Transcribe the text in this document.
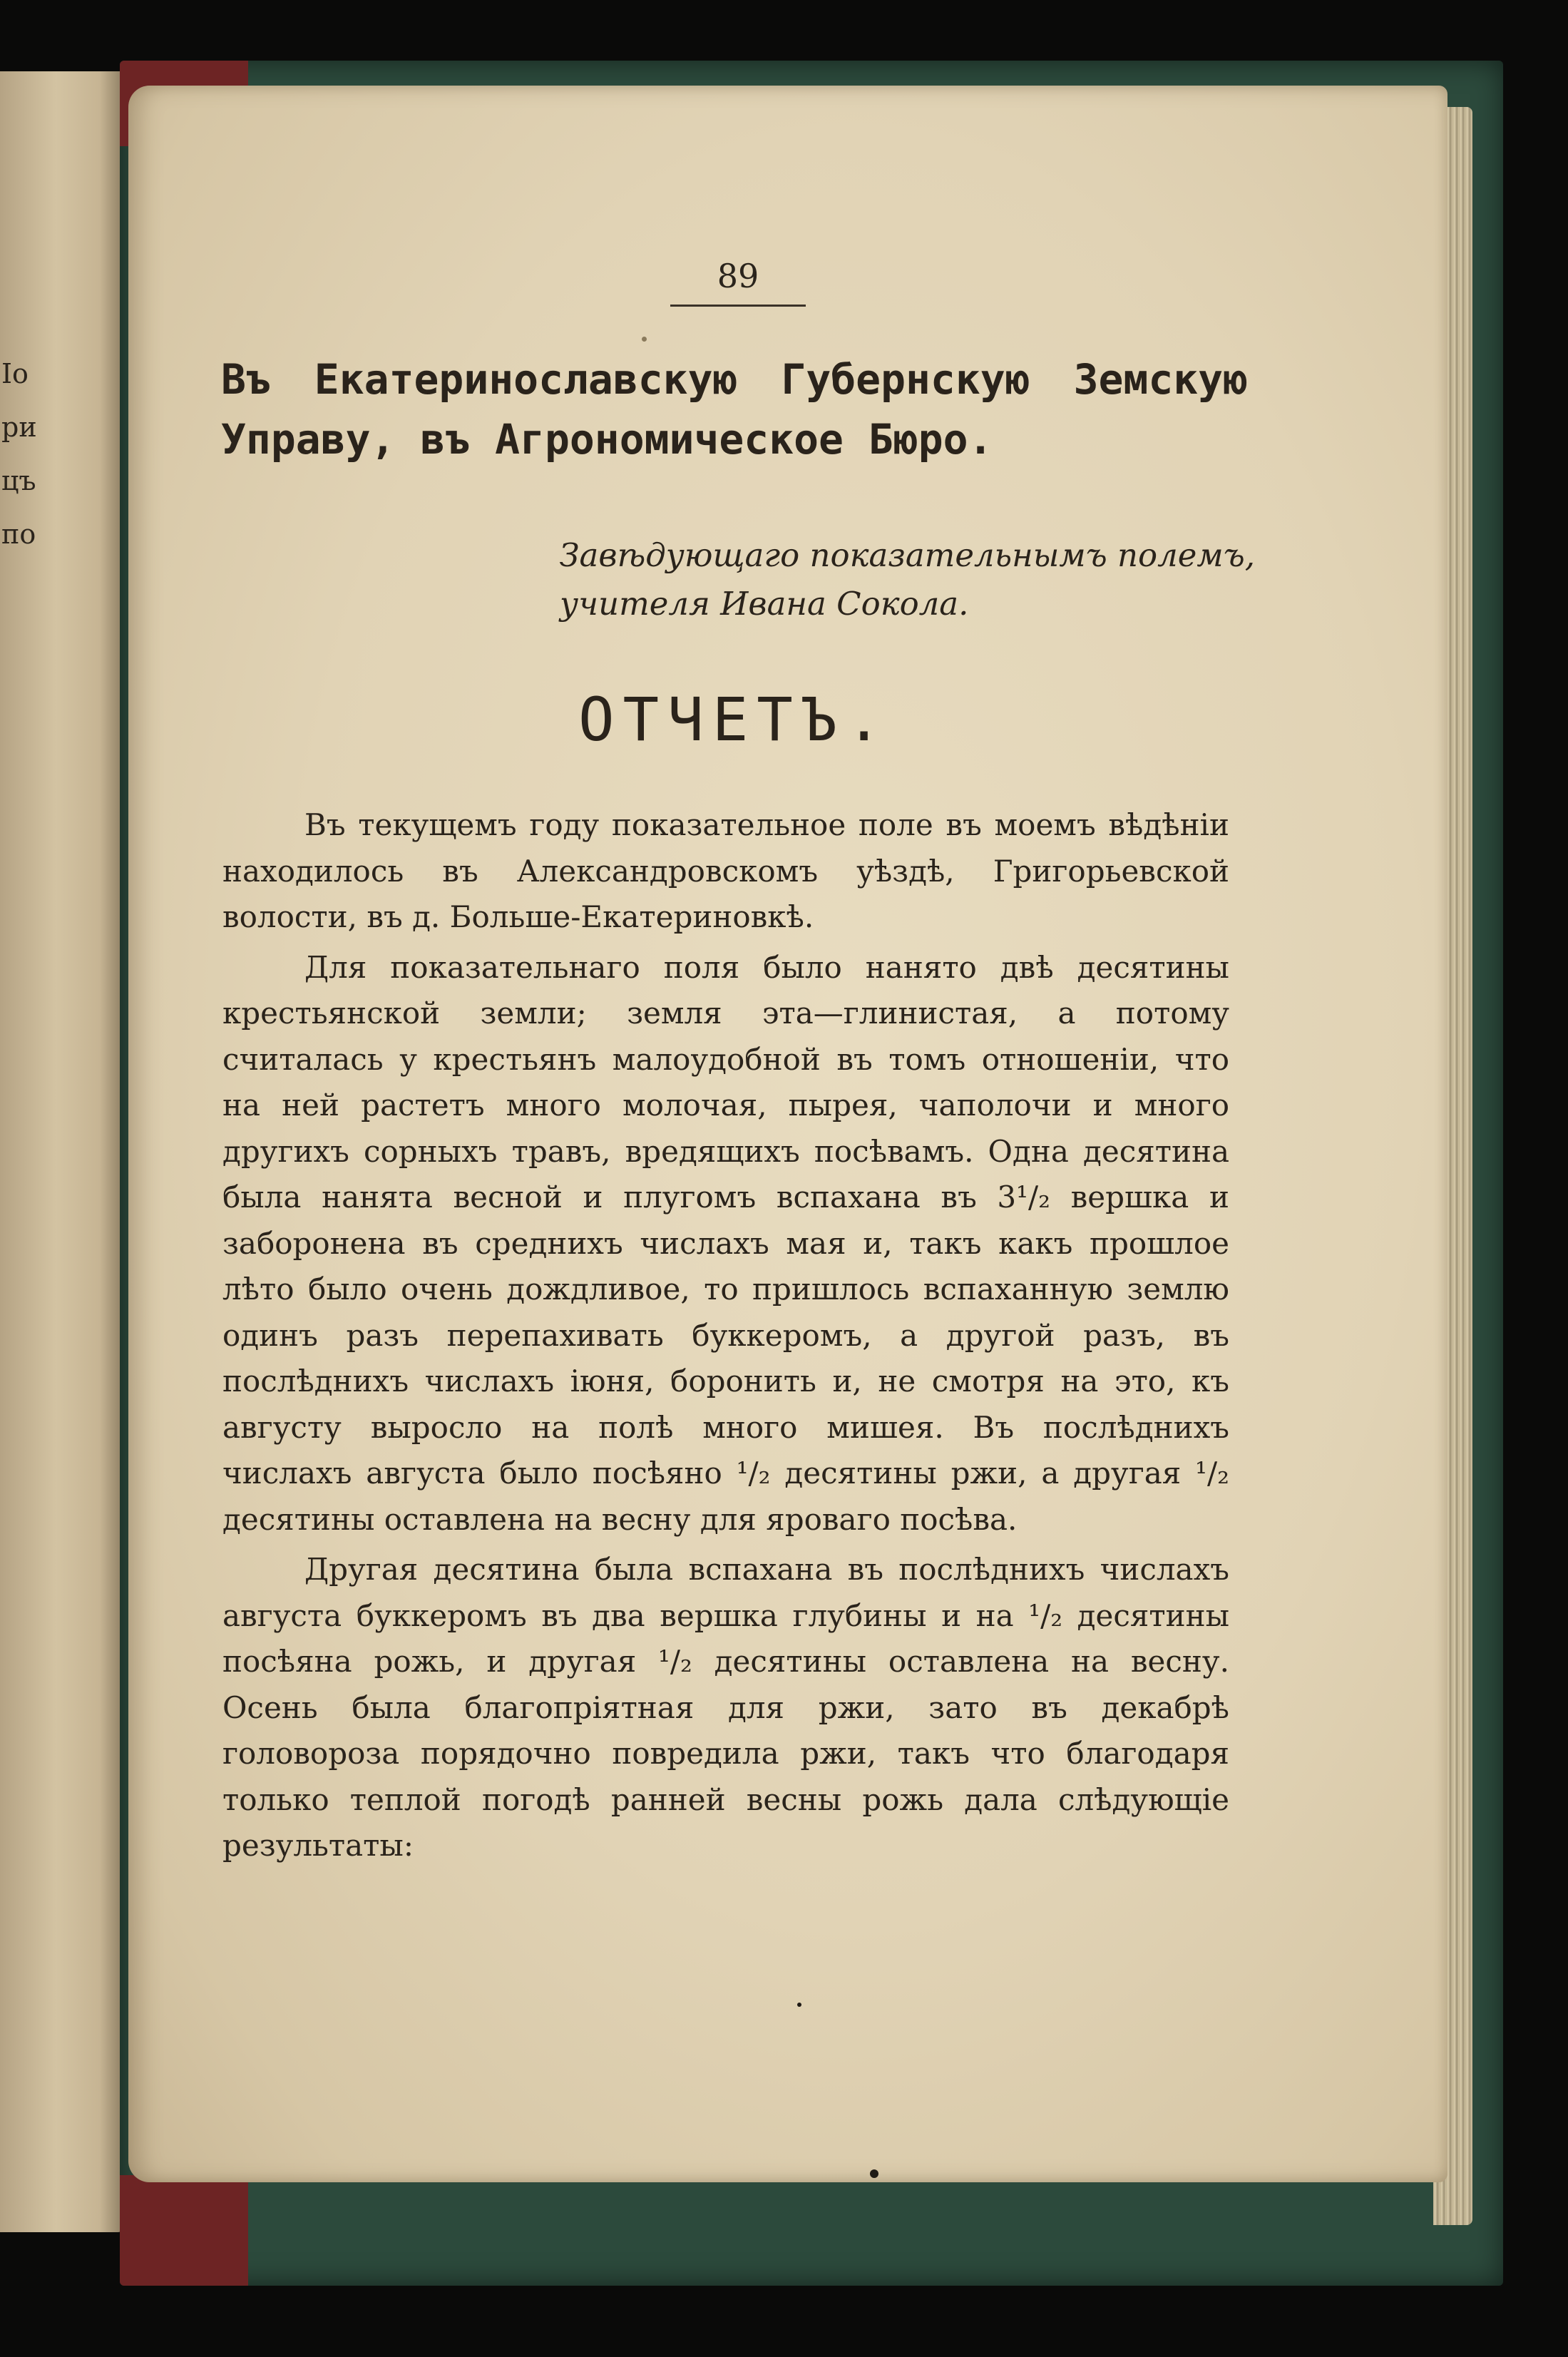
Io
ри
цъ
по
89
Въ Екатеринославскую Губернскую Земскую Управу, въ Агрономическое Бюро.
Завѣдующаго показательнымъ полемъ,
учителя Ивана Сокола.
ОТЧЕТЪ.

Въ текущемъ году показательное поле въ моемъ вѣдѣніи находилось въ Александровскомъ уѣздѣ, Григорьевской волости, въ д. Больше-Екатериновкѣ.

Для показательнаго поля было нанято двѣ десятины крестьянской земли; земля эта—глинистая, а потому считалась у крестьянъ малоудобной въ томъ отношеніи, что на ней растетъ много молочая, пырея, чаполочи и много другихъ сорныхъ травъ, вредящихъ посѣвамъ. Одна десятина была нанята весной и плугомъ вспахана въ 3¹/₂ вершка и заборонена въ среднихъ числахъ мая и, такъ какъ прошлое лѣто было очень дождливое, то пришлось вспаханную землю одинъ разъ перепахивать буккеромъ, а другой разъ, въ послѣднихъ числахъ іюня, боронить и, не смотря на это, къ августу выросло на полѣ много мишея. Въ послѣднихъ числахъ августа было посѣяно ¹/₂ десятины ржи, а другая ¹/₂ десятины оставлена на весну для яроваго посѣва.

Другая десятина была вспахана въ послѣднихъ числахъ августа буккеромъ въ два вершка глубины и на ¹/₂ десятины посѣяна рожь, и другая ¹/₂ десятины оставлена на весну. Осень была благопріятная для ржи, зато въ декабрѣ головороза порядочно повредила ржи, такъ что благодаря только теплой погодѣ ранней весны рожь дала слѣдующіе результаты:
